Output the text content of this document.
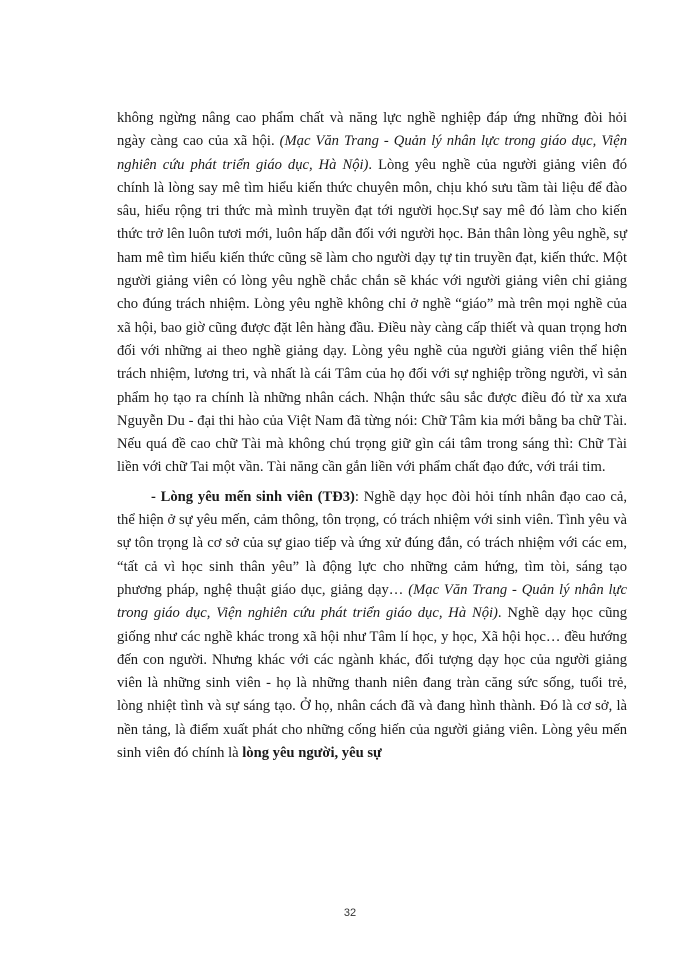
không ngừng nâng cao phẩm chất và năng lực nghề nghiệp đáp ứng những đòi hỏi ngày càng cao của xã hội. (Mạc Văn Trang - Quản lý nhân lực trong giáo dục, Viện nghiên cứu phát triển giáo dục, Hà Nội). Lòng yêu nghề của người giảng viên đó chính là lòng say mê tìm hiểu kiến thức chuyên môn, chịu khó sưu tầm tài liệu để đào sâu, hiểu rộng tri thức mà mình truyền đạt tới người học.Sự say mê đó làm cho kiến thức trở lên luôn tươi mới, luôn hấp dẫn đối với người học. Bản thân lòng yêu nghề, sự ham mê tìm hiểu kiến thức cũng sẽ làm cho người dạy tự tin truyền đạt, kiến thức. Một người giảng viên có lòng yêu nghề chắc chắn sẽ khác với người giảng viên chỉ giảng cho đúng trách nhiệm. Lòng yêu nghề không chỉ ở nghề “giáo” mà trên mọi nghề của xã hội, bao giờ cũng được đặt lên hàng đầu. Điều này càng cấp thiết và quan trọng hơn đối với những ai theo nghề giảng dạy. Lòng yêu nghề của người giảng viên thể hiện trách nhiệm, lương tri, và nhất là cái Tâm của họ đối với sự nghiệp trồng người, vì sản phẩm họ tạo ra chính là những nhân cách. Nhận thức sâu sắc được điều đó từ xa xưa Nguyễn Du - đại thi hào của Việt Nam đã từng nói: Chữ Tâm kia mới bằng ba chữ Tài. Nếu quá đề cao chữ Tài mà không chú trọng giữ gìn cái tâm trong sáng thì: Chữ Tài liền với chữ Tai một vần. Tài năng cần gắn liền với phẩm chất đạo đức, với trái tim.

- Lòng yêu mến sinh viên (TĐ3): Nghề dạy học đòi hỏi tính nhân đạo cao cả, thể hiện ở sự yêu mến, cảm thông, tôn trọng, có trách nhiệm với sinh viên. Tình yêu và sự tôn trọng là cơ sở của sự giao tiếp và ứng xử đúng đắn, có trách nhiệm với các em, “tất cả vì học sinh thân yêu” là động lực cho những cảm hứng, tìm tòi, sáng tạo phương pháp, nghệ thuật giáo dục, giảng dạy… (Mạc Văn Trang - Quản lý nhân lực trong giáo dục, Viện nghiên cứu phát triển giáo dục, Hà Nội). Nghề dạy học cũng giống như các nghề khác trong xã hội như Tâm lí học, y học, Xã hội học… đều hướng đến con người. Nhưng khác với các ngành khác, đối tượng dạy học của người giảng viên là những sinh viên - họ là những thanh niên đang tràn căng sức sống, tuổi trẻ, lòng nhiệt tình và sự sáng tạo. Ở họ, nhân cách đã và đang hình thành. Đó là cơ sở, là nền tảng, là điểm xuất phát cho những cống hiến của người giảng viên. Lòng yêu mến sinh viên đó chính là lòng yêu người, yêu sự

32
